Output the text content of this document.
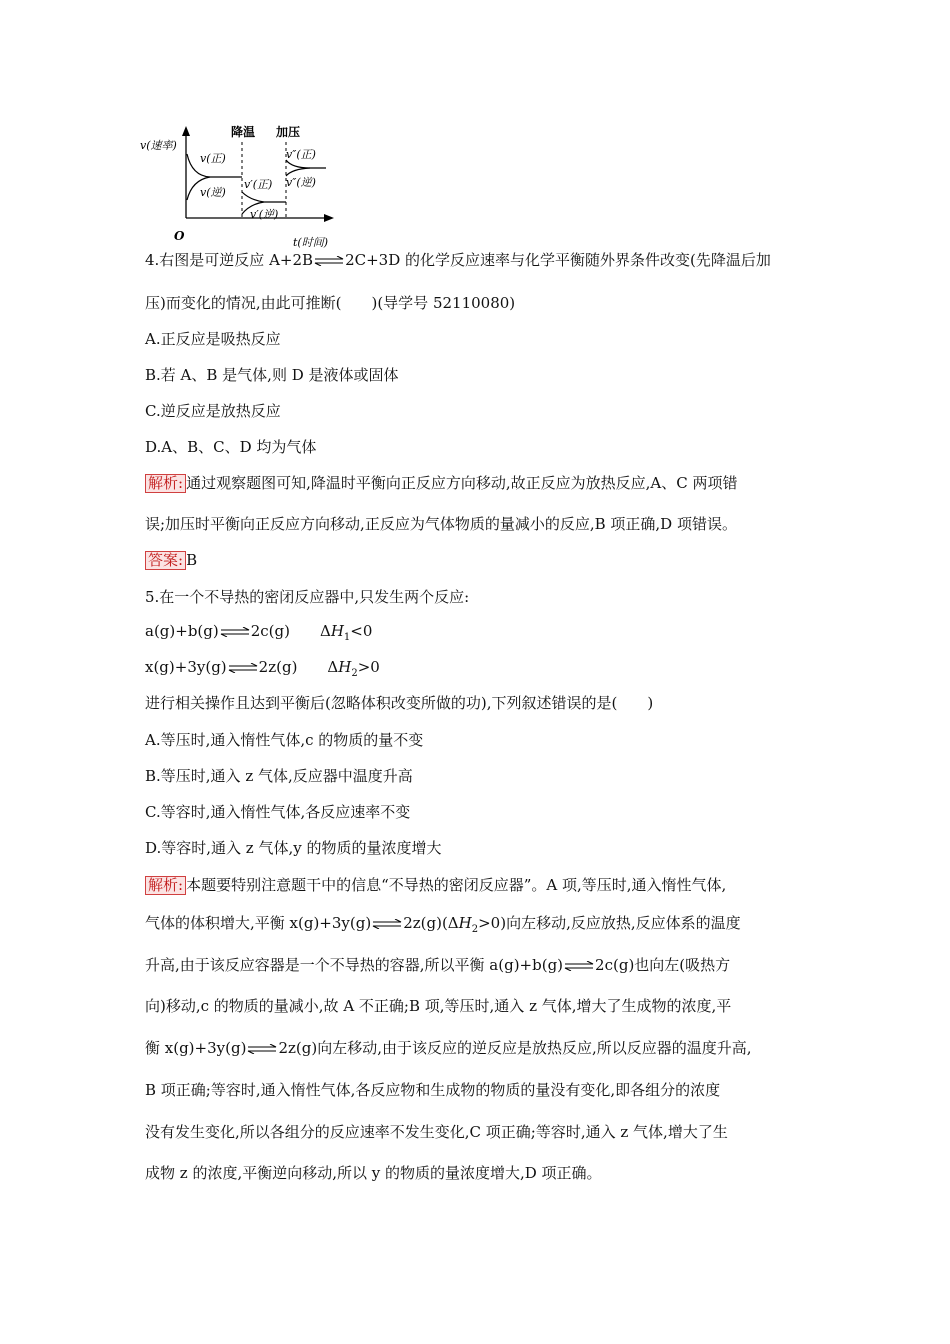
v(速率)
O	t(时间)
降温 加压
v(正)
v(逆)
v′(正)
v′(逆)
v″(正)
v″(逆)
4.右图是可逆反应 A+2B⇌2C+3D 的化学反应速率与化学平衡随外界条件改变(先降温后加
压)而变化的情况,由此可推断(　　)(导学号 52110080)
A.正反应是吸热反应
B.若 A、B 是气体,则 D 是液体或固体
C.逆反应是放热反应
D.A、B、C、D 均为气体
解析: 通过观察题图可知,降温时平衡向正反应方向移动,故正反应为放热反应,A、C 两项错
误;加压时平衡向正反应方向移动,正反应为气体物质的量减小的反应,B 项正确,D 项错误。
答案: B
5.在一个不导热的密闭反应器中,只发生两个反应:
a(g)+b(g)⇌2c(g)　　$\Delta H_1<0$
x(g)+3y(g)⇌2z(g)　　$\Delta H_2>0$
进行相关操作且达到平衡后(忽略体积改变所做的功),下列叙述错误的是(　　)
A.等压时,通入惰性气体,c 的物质的量不变
B.等压时,通入 z 气体,反应器中温度升高
C.等容时,通入惰性气体,各反应速率不变
D.等容时,通入 z 气体,y 的物质的量浓度增大
解析: 本题要特别注意题干中的信息“不导热的密闭反应器”。A 项,等压时,通入惰性气体,
气体的体积增大,平衡 $x(g)+3y(g)\rightleftharpoons 2z(g)(\Delta H_2>0)$向左移动,反应放热,反应体系的温度
升高,由于该反应容器是一个不导热的容器,所以平衡 a(g)+b(g)⇌2c(g)也向左(吸热方
向)移动,c 的物质的量减小,故 A 不正确;B 项,等压时,通入 z 气体,增大了生成物的浓度,平
衡 x(g)+3y(g)⇌2z(g)向左移动,由于该反应的逆反应是放热反应,所以反应器的温度升高,
B 项正确;等容时,通入惰性气体,各反应物和生成物的物质的量没有变化,即各组分的浓度
没有发生变化,所以各组分的反应速率不发生变化,C 项正确;等容时,通入 z 气体,增大了生
成物 z 的浓度,平衡逆向移动,所以 y 的物质的量浓度增大,D 项正确。
